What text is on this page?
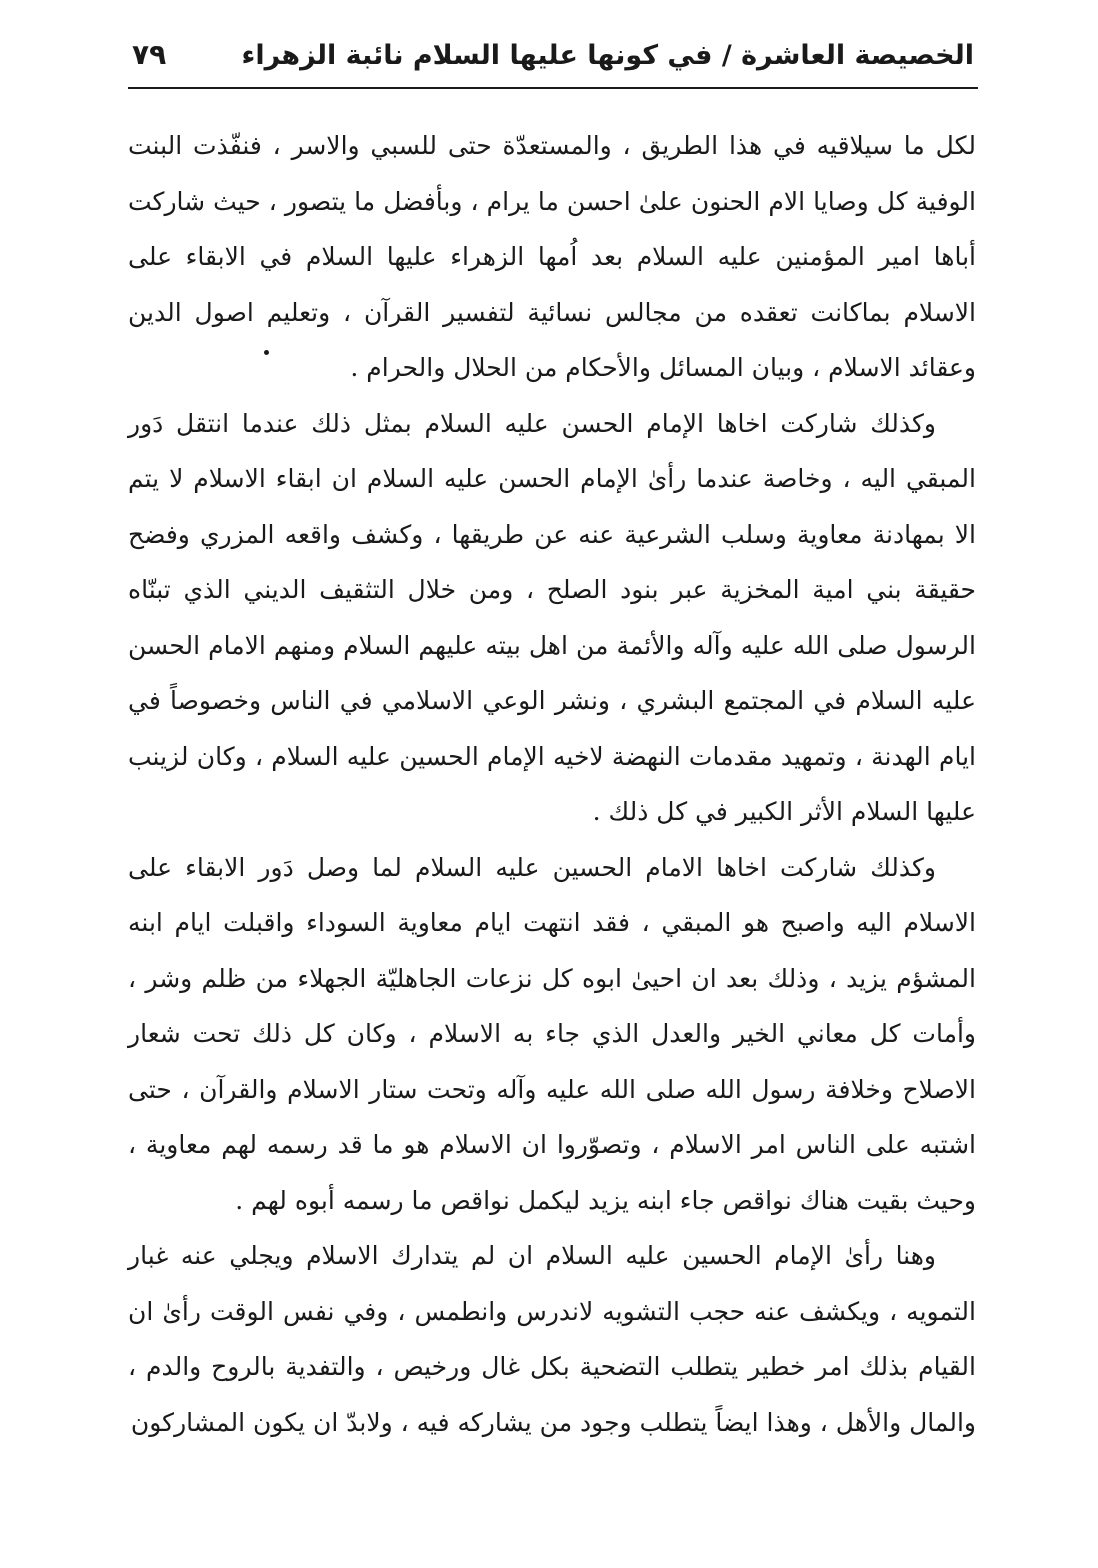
الخصيصة العاشرة / في كونها عليها السلام نائبة الزهراء
٧٩

لكل ما سيلاقيه في هذا الطريق ، والمستعدّة حتى للسبي والاسر ، فنفّذت البنت الوفية كل وصايا الام الحنون علىٰ احسن ما يرام ، وبأفضل ما يتصور ، حيث شاركت أباها امير المؤمنين عليه السلام بعد اُمها الزهراء عليها السلام في الابقاء على الاسلام بماكانت تعقده من مجالس نسائية لتفسير القرآن ، وتعليم اصول الدين وعقائد الاسلام ، وبيان المسائل والأحكام من الحلال والحرام .

وكذلك شاركت اخاها الإمام الحسن عليه السلام بمثل ذلك عندما انتقل دَور المبقي اليه ، وخاصة عندما رأىٰ الإمام الحسن عليه السلام ان ابقاء الاسلام لا يتم الا بمهادنة معاوية وسلب الشرعية عنه عن طريقها ، وكشف واقعه المزري وفضح حقيقة بني امية المخزية عبر بنود الصلح ، ومن خلال التثقيف الديني الذي تبنّاه الرسول صلى الله عليه وآله والأئمة من اهل بيته عليهم السلام ومنهم الامام الحسن عليه السلام في المجتمع البشري ، ونشر الوعي الاسلامي في الناس وخصوصاً في ايام الهدنة ، وتمهيد مقدمات النهضة لاخيه الإمام الحسين عليه السلام ، وكان لزينب عليها السلام الأثر الكبير في كل ذلك .

وكذلك شاركت اخاها الامام الحسين عليه السلام لما وصل دَور الابقاء على الاسلام اليه واصبح هو المبقي ، فقد انتهت ايام معاوية السوداء واقبلت ايام ابنه المشؤم يزيد ، وذلك بعد ان احيىٰ ابوه كل نزعات الجاهليّة الجهلاء من ظلم وشر ، وأمات كل معاني الخير والعدل الذي جاء به الاسلام ، وكان كل ذلك تحت شعار الاصلاح وخلافة رسول الله صلى الله عليه وآله وتحت ستار الاسلام والقرآن ، حتى اشتبه على الناس امر الاسلام ، وتصوّروا ان الاسلام هو ما قد رسمه لهم معاوية ، وحيث بقيت هناك نواقص جاء ابنه يزيد ليكمل نواقص ما رسمه أبوه لهم .

وهنا رأىٰ الإمام الحسين عليه السلام ان لم يتدارك الاسلام ويجلي عنه غبار التمويه ، ويكشف عنه حجب التشويه لاندرس وانطمس ، وفي نفس الوقت رأىٰ ان القيام بذلك امر خطير يتطلب التضحية بكل غال ورخيص ، والتفدية بالروح والدم ، والمال والأهل ، وهذا ايضاً يتطلب وجود من يشاركه فيه ، ولابدّ ان يكون المشاركون
